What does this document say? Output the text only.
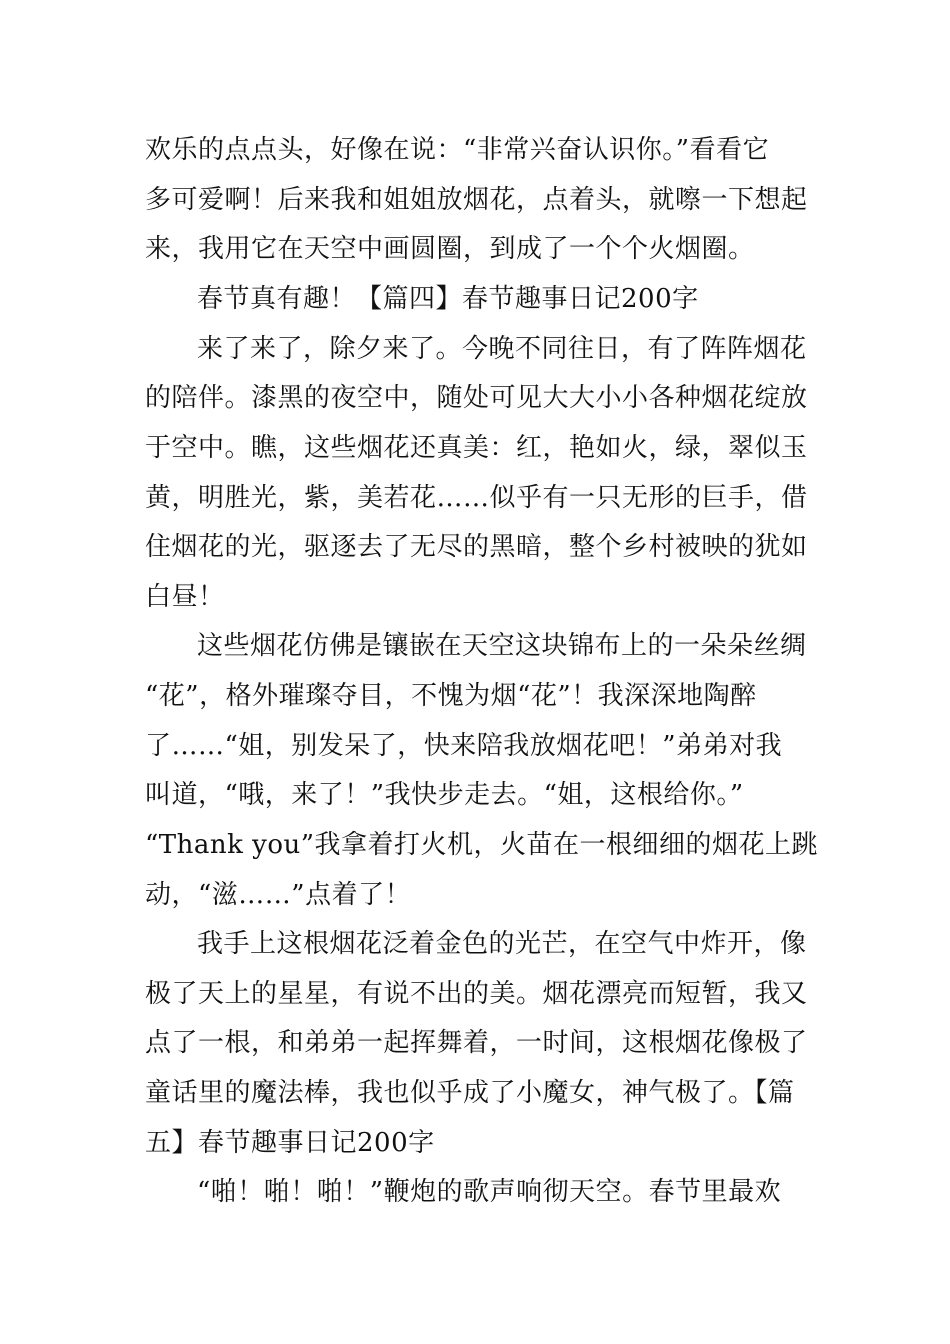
欢乐的点点头，好像在说：“非常兴奋认识你。”看看它
多可爱啊！后来我和姐姐放烟花，点着头，就嚓一下想起
来，我用它在天空中画圆圈，到成了一个个火烟圈。
春节真有趣！【篇四】春节趣事日记200字
来了来了，除夕来了。今晚不同往日，有了阵阵烟花
的陪伴。漆黑的夜空中，随处可见大大小小各种烟花绽放
于空中。瞧，这些烟花还真美：红，艳如火，绿，翠似玉
黄，明胜光，紫，美若花……似乎有一只无形的巨手，借
住烟花的光，驱逐去了无尽的黑暗，整个乡村被映的犹如
白昼！
这些烟花仿佛是镶嵌在天空这块锦布上的一朵朵丝绸
“花”，格外璀璨夺目，不愧为烟“花”！我深深地陶醉
了……“姐，别发呆了，快来陪我放烟花吧！”弟弟对我
叫道，“哦，来了！”我快步走去。“姐，这根给你。”
“Thank you”我拿着打火机，火苗在一根细细的烟花上跳
动，“滋……”点着了！
我手上这根烟花泛着金色的光芒，在空气中炸开，像
极了天上的星星，有说不出的美。烟花漂亮而短暂，我又
点了一根，和弟弟一起挥舞着，一时间，这根烟花像极了
童话里的魔法棒，我也似乎成了小魔女，神气极了。【篇
五】春节趣事日记200字
“啪！啪！啪！”鞭炮的歌声响彻天空。春节里最欢
